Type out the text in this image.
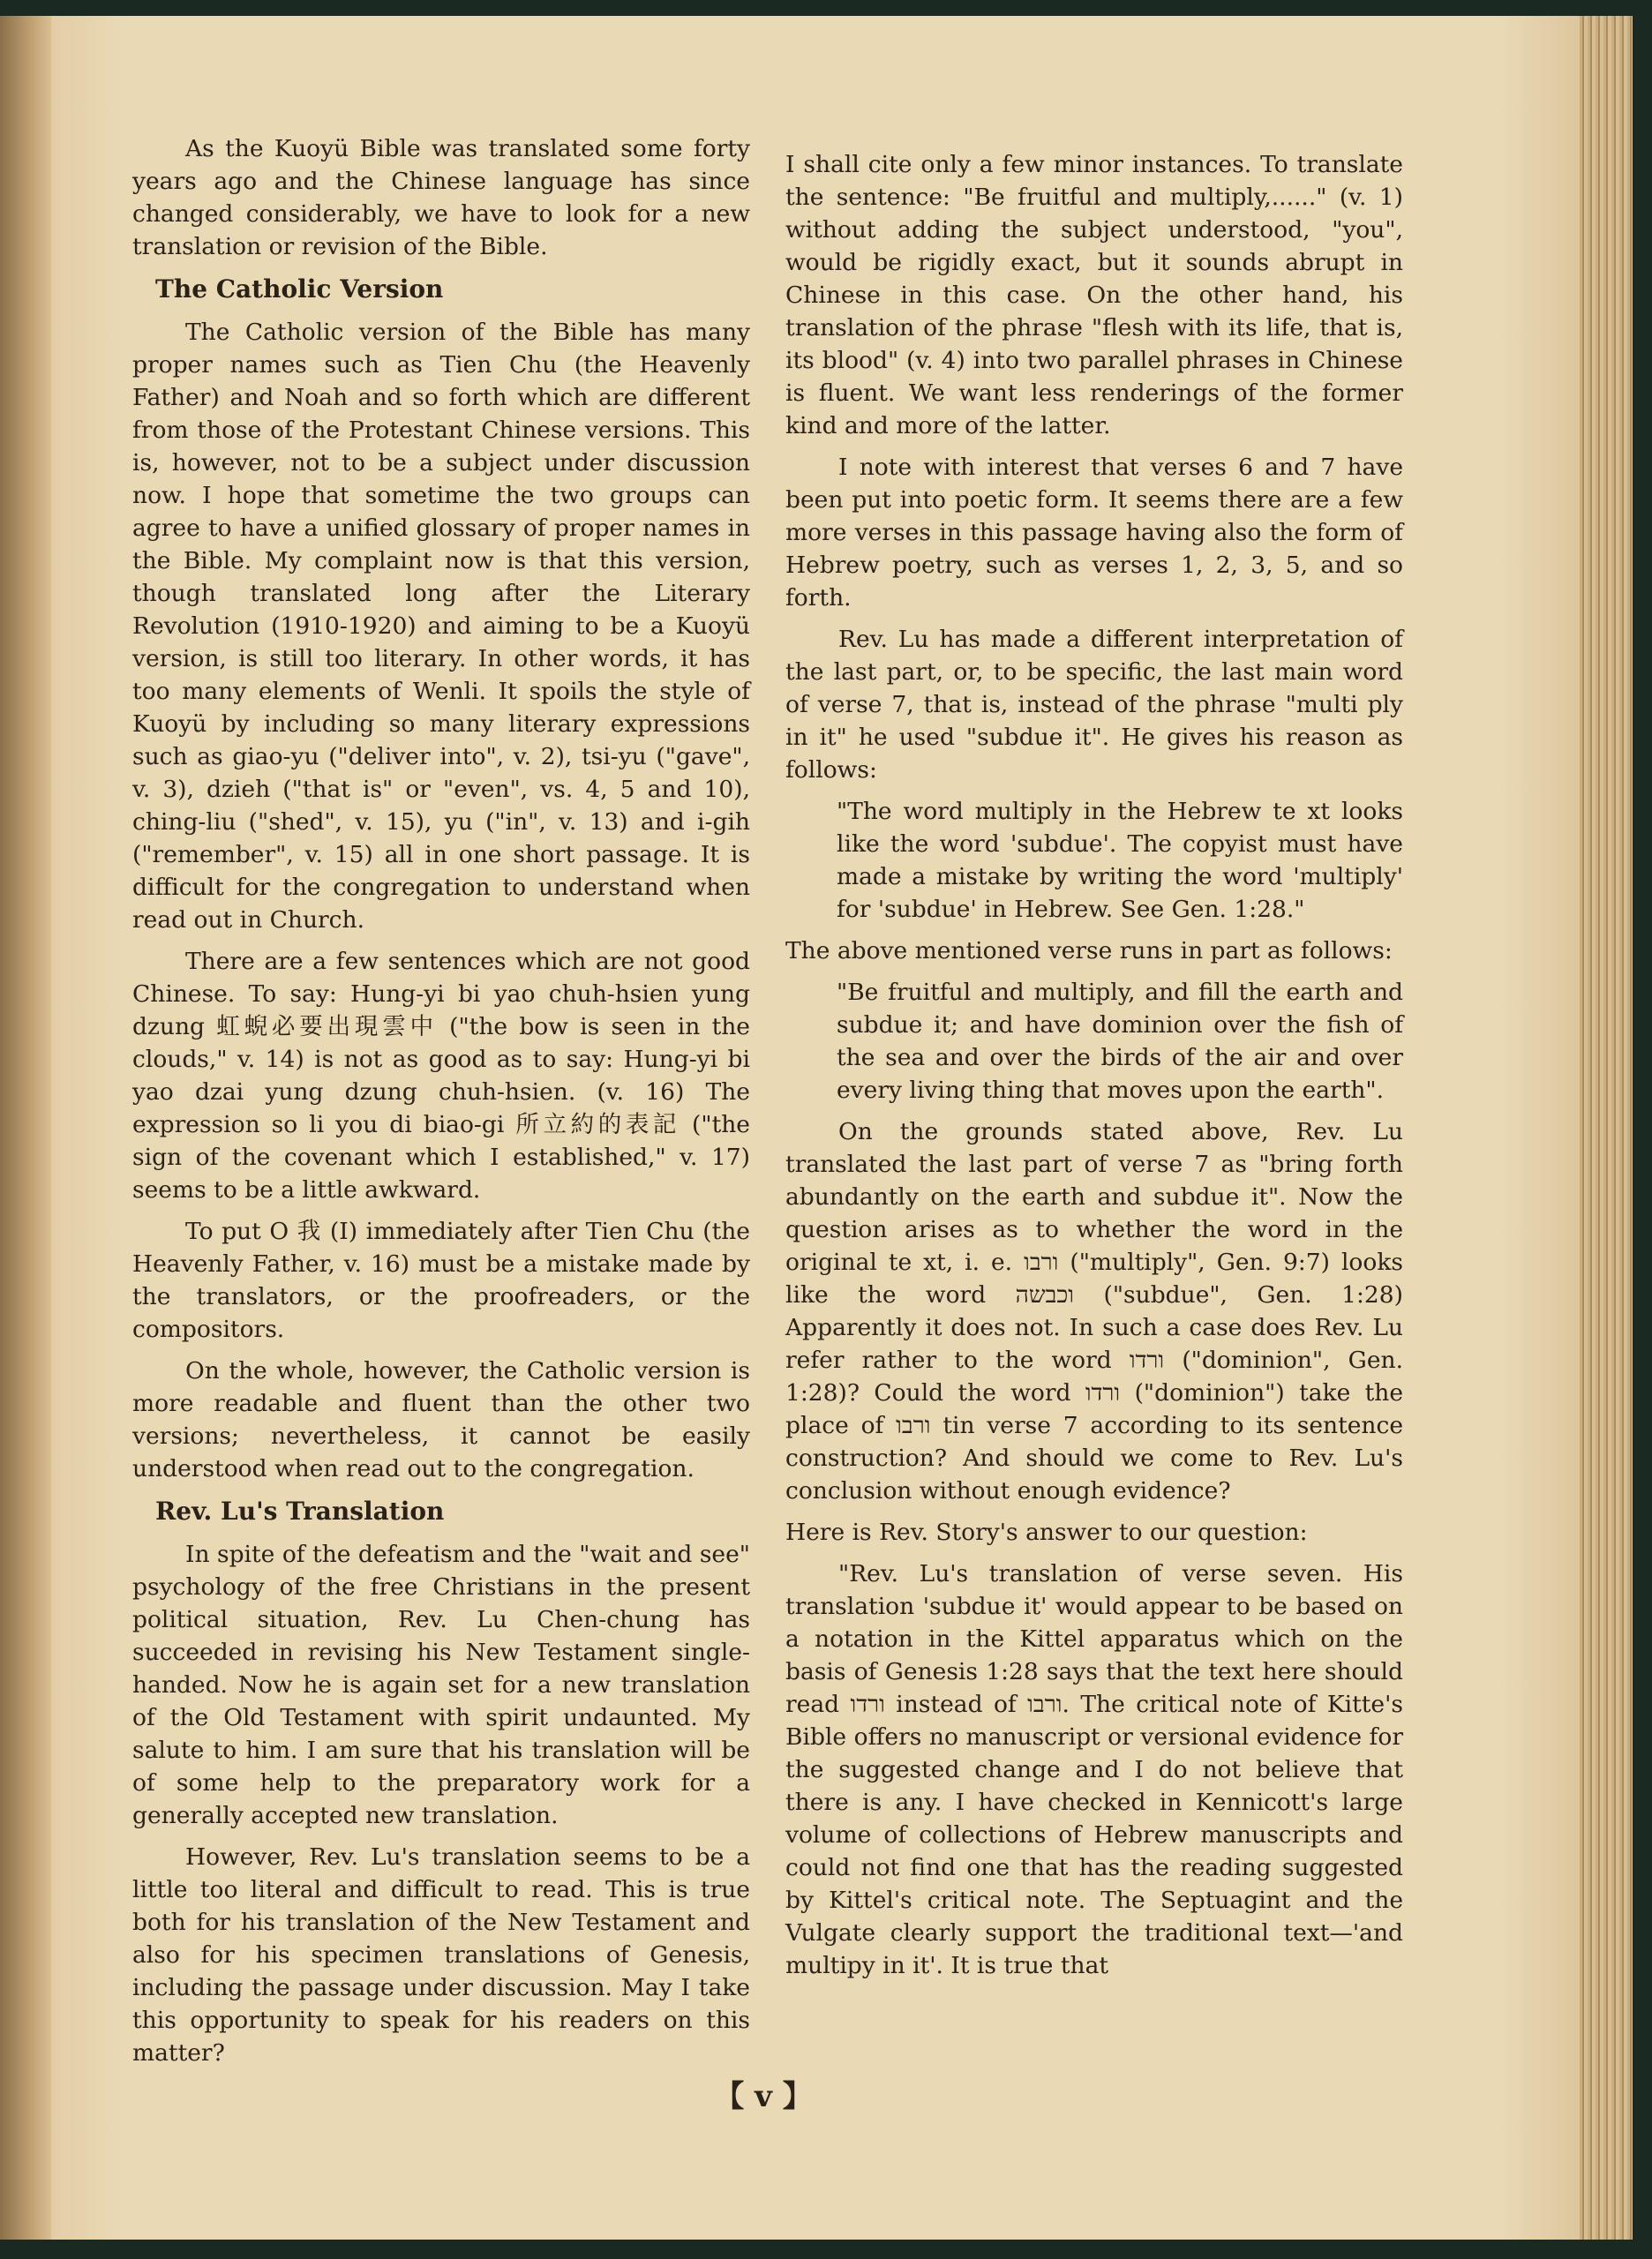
As the Kuoyü Bible was translated some forty years ago and the Chinese language has since changed considerably, we have to look for a new translation or revision of the Bible.

The Catholic Version

The Catholic version of the Bible has many proper names such as Tien Chu (the Heavenly Father) and Noah and so forth which are different from those of the Protestant Chinese versions. This is, however, not to be a subject under discussion now. I hope that sometime the two groups can agree to have a unified glossary of proper names in the Bible. My complaint now is that this version, though translated long after the Literary Revolution (1910-1920) and aiming to be a Kuoyü version, is still too literary. In other words, it has too many elements of Wenli. It spoils the style of Kuoyü by including so many literary expressions such as giao-yu ("deliver into", v. 2), tsi-yu ("gave", v. 3), dzieh ("that is" or "even", vs. 4, 5 and 10), ching-liu ("shed", v. 15), yu ("in", v. 13) and i-gih ("remember", v. 15) all in one short passage. It is difficult for the congregation to understand when read out in Church.

There are a few sentences which are not good Chinese. To say: Hung-yi bi yao chuh-hsien yung dzung 虹蜺必要出現雲中 ("the bow is seen in the clouds," v. 14) is not as good as to say: Hung-yi bi yao dzai yung dzung chuh-hsien. (v. 16) The expression so li you di biao-gi 所立約的表記 ("the sign of the covenant which I established," v. 17) seems to be a little awkward.

To put O 我 (I) immediately after Tien Chu (the Heavenly Father, v. 16) must be a mistake made by the translators, or the proofreaders, or the compositors.

On the whole, however, the Catholic version is more readable and fluent than the other two versions; nevertheless, it cannot be easily understood when read out to the congregation.

Rev. Lu's Translation

In spite of the defeatism and the "wait and see" psychology of the free Christians in the present political situation, Rev. Lu Chen-chung has succeeded in revising his New Testament single-handed. Now he is again set for a new translation of the Old Testament with spirit undaunted. My salute to him. I am sure that his translation will be of some help to the preparatory work for a generally accepted new translation.

However, Rev. Lu's translation seems to be a little too literal and difficult to read. This is true both for his translation of the New Testament and also for his specimen translations of Genesis, including the passage under discussion. May I take this opportunity to speak for his readers on this matter?

I shall cite only a few minor instances. To translate the sentence: "Be fruitful and multiply,......" (v. 1) without adding the subject understood, "you", would be rigidly exact, but it sounds abrupt in Chinese in this case. On the other hand, his translation of the phrase "flesh with its life, that is, its blood" (v. 4) into two parallel phrases in Chinese is fluent. We want less renderings of the former kind and more of the latter.

I note with interest that verses 6 and 7 have been put into poetic form. It seems there are a few more verses in this passage having also the form of Hebrew poetry, such as verses 1, 2, 3, 5, and so forth.

Rev. Lu has made a different interpretation of the last part, or, to be specific, the last main word of verse 7, that is, instead of the phrase "multi ply in it" he used "subdue it". He gives his reason as follows:

"The word multiply in the Hebrew te xt looks like the word 'subdue'. The copyist must have made a mistake by writing the word 'multiply' for 'subdue' in Hebrew. See Gen. 1:28."

The above mentioned verse runs in part as follows:

"Be fruitful and multiply, and fill the earth and subdue it; and have dominion over the fish of the sea and over the birds of the air and over every living thing that moves upon the earth".

On the grounds stated above, Rev. Lu translated the last part of verse 7 as "bring forth abundantly on the earth and subdue it". Now the question arises as to whether the word in the original te xt, i. e. ורבו ("multiply", Gen. 9:7) looks like the word וכבשה ("subdue", Gen. 1:28) Apparently it does not. In such a case does Rev. Lu refer rather to the word ורדו ("dominion", Gen. 1:28)? Could the word ורדו ("dominion") take the place of ורבו tin verse 7 according to its sentence construction? And should we come to Rev. Lu's conclusion without enough evidence?

Here is Rev. Story's answer to our question:

"Rev. Lu's translation of verse seven. His translation 'subdue it' would appear to be based on a notation in the Kittel apparatus which on the basis of Genesis 1:28 says that the text here should read ורדו instead of ורבו. The critical note of Kitte's Bible offers no manuscript or versional evidence for the suggested change and I do not believe that there is any. I have checked in Kennicott's large volume of collections of Hebrew manuscripts and could not find one that has the reading suggested by Kittel's critical note. The Septuagint and the Vulgate clearly support the traditional text—'and multipy in it'. It is true that

【 v 】
